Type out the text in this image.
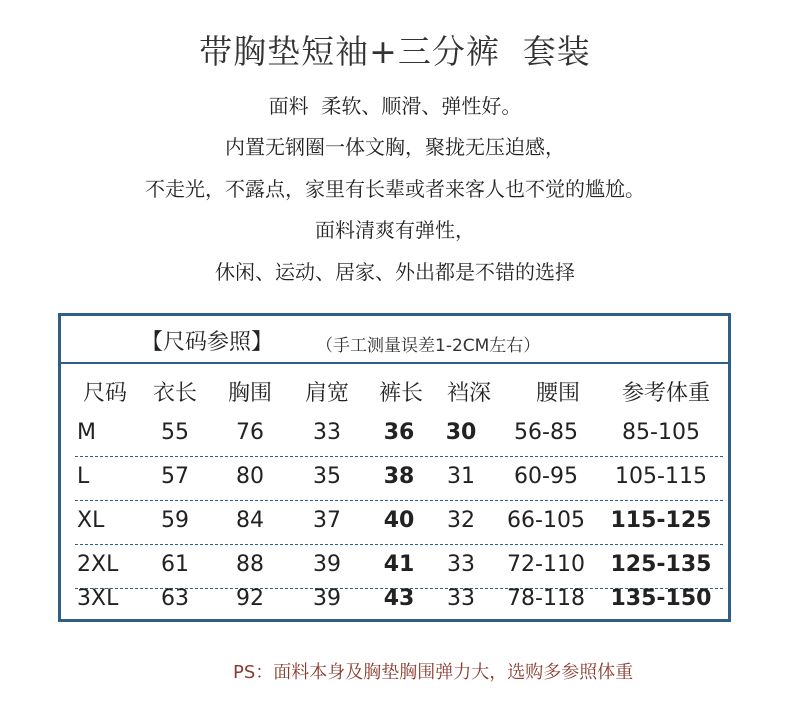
带胸垫短袖+三分裤  套装
面料  柔软、顺滑、弹性好。
内置无钢圈一体文胸，聚拢无压迫感，
不走光，不露点，家里有长辈或者来客人也不觉的尴尬。
面料清爽有弹性，
休闲、运动、居家、外出都是不错的选择
【尺码参照】	（手工测量误差1-2CM左右）
尺码	衣长	胸围	肩宽	裤长	裆深	腰围	参考体重
M	55	76	33	36	30	56-85	85-105
L	57	80	35	38	31	60-95	105-115
XL	59	84	37	40	32	66-105	115-125
2XL	61	88	39	41	33	72-110	125-135
3XL	63	92	39	43	33	78-118	135-150
PS：面料本身及胸垫胸围弹力大，选购多参照体重
